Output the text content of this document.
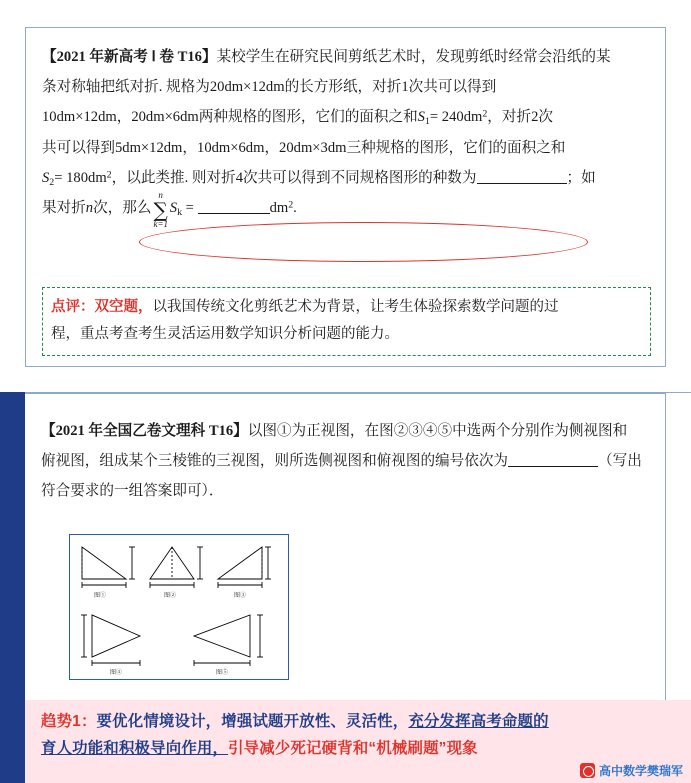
【2021 年新高考 Ⅰ 卷 T16】某校学生在研究民间剪纸艺术时，发现剪纸时经常会沿纸的某
条对称轴把纸对折. 规格为20dm×12dm的长方形纸，对折1次共可以得到
10dm×12dm，20dm×6dm两种规格的图形，它们的面积之和$S_1= 240dm^2$，对折2次
共可以得到5dm×12dm，10dm×6dm，20dm×3dm三种规格的图形，它们的面积之和
$S_2= 180dm^2$，以此类推. 则对折4次共可以得到不同规格图形的种数为	；如
果对折n次，那么
n
∑
k=1
$S_k$ =	$dm^2$.
点评：双空题，以我国传统文化剪纸艺术为背景，让考生体验探索数学问题的过
程，重点考查考生灵活运用数学知识分析问题的能力。
【2021 年全国乙卷文理科 T16】以图①为正视图，在图②③④⑤中选两个分别作为侧视图和
俯视图，组成某个三棱锥的三视图，则所选侧视图和俯视图的编号依次为	（写出
符合要求的一组答案即可）．
图①	图②	图③
图④	图⑤
趋势1：要优化情境设计，增强试题开放性、灵活性，充分发挥高考命题的
育人功能和积极导向作用，引导减少死记硬背和“机械刷题”现象
高中数学樊瑞军
